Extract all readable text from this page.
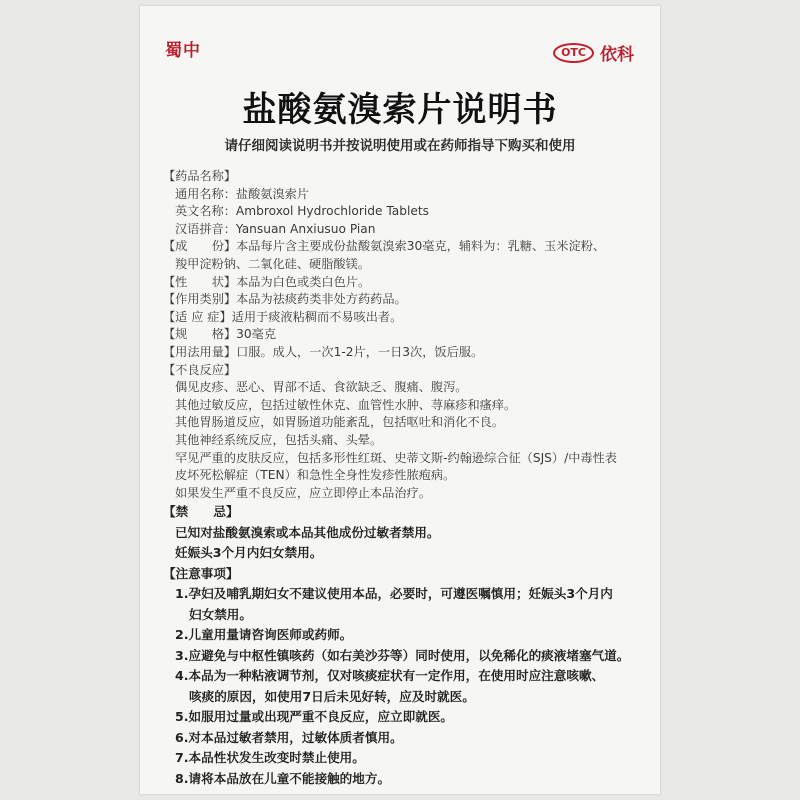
蜀中	OTC 依科
盐酸氨溴索片说明书
请仔细阅读说明书并按说明使用或在药师指导下购买和使用
【药品名称】
通用名称：盐酸氨溴索片
英文名称：Ambroxol Hydrochloride Tablets
汉语拼音：Yansuan Anxiusuo Pian
【成　　份】本品每片含主要成份盐酸氨溴索30毫克，辅料为：乳糖、玉米淀粉、
羧甲淀粉钠、二氧化硅、硬脂酸镁。
【性　　状】本品为白色或类白色片。
【作用类别】本品为祛痰药类非处方药药品。
【适 应 症】适用于痰液粘稠而不易咳出者。
【规　　格】30毫克
【用法用量】口服。成人，一次1-2片，一日3次，饭后服。
【不良反应】
偶见皮疹、恶心、胃部不适、食欲缺乏、腹痛、腹泻。
其他过敏反应，包括过敏性休克、血管性水肿、荨麻疹和瘙痒。
其他胃肠道反应，如胃肠道功能紊乱，包括呕吐和消化不良。
其他神经系统反应，包括头痛、头晕。
罕见严重的皮肤反应，包括多形性红斑、史蒂文斯-约翰逊综合征（SJS）/中毒性表
皮坏死松解症（TEN）和急性全身性发疹性脓疱病。
如果发生严重不良反应，应立即停止本品治疗。
【禁　　忌】
已知对盐酸氨溴索或本品其他成份过敏者禁用。
妊娠头3个月内妇女禁用。
【注意事项】
1.孕妇及哺乳期妇女不建议使用本品，必要时，可遵医嘱慎用；妊娠头3个月内
妇女禁用。
2.儿童用量请咨询医师或药师。
3.应避免与中枢性镇咳药（如右美沙芬等）同时使用，以免稀化的痰液堵塞气道。
4.本品为一种粘液调节剂，仅对咳痰症状有一定作用，在使用时应注意咳嗽、
咳痰的原因，如使用7日后未见好转，应及时就医。
5.如服用过量或出现严重不良反应，应立即就医。
6.对本品过敏者禁用，过敏体质者慎用。
7.本品性状发生改变时禁止使用。
8.请将本品放在儿童不能接触的地方。
